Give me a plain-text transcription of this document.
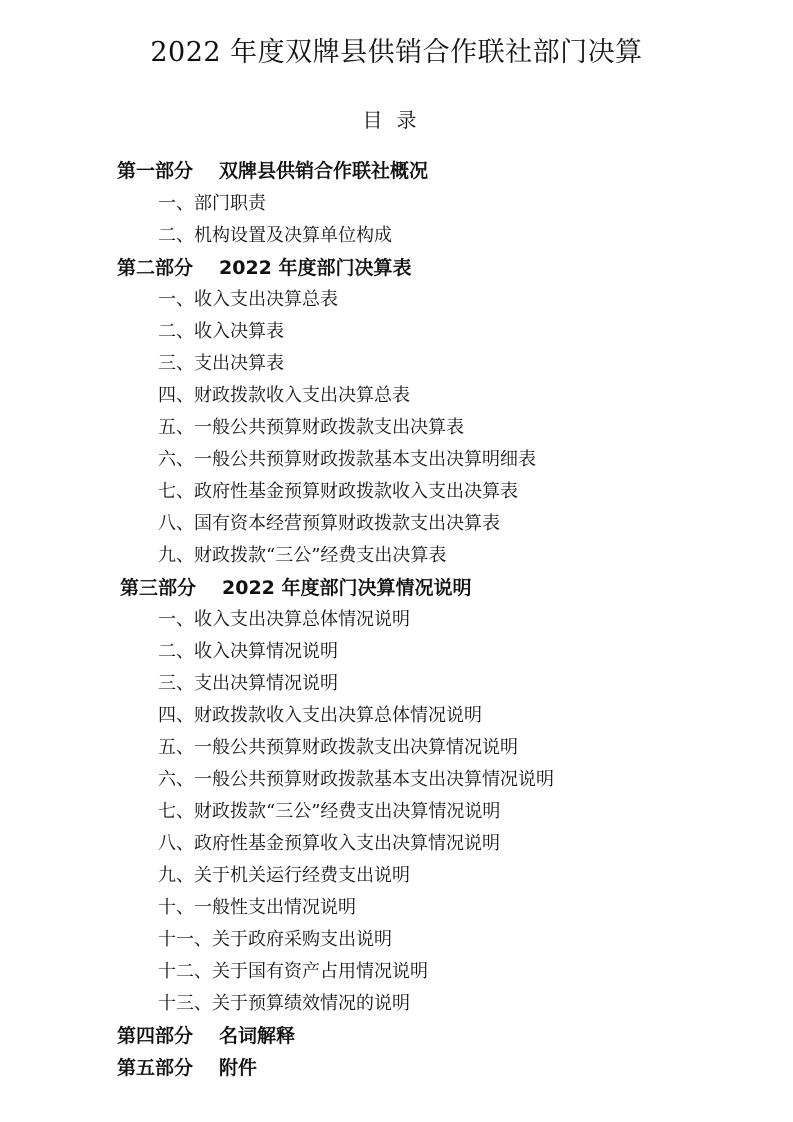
2022 年度双牌县供销合作联社部门决算
目录
第一部分 双牌县供销合作联社概况
一、部门职责
二、机构设置及决算单位构成
第二部分 2022 年度部门决算表
一、收入支出决算总表
二、收入决算表
三、支出决算表
四、财政拨款收入支出决算总表
五、一般公共预算财政拨款支出决算表
六、一般公共预算财政拨款基本支出决算明细表
七、政府性基金预算财政拨款收入支出决算表
八、国有资本经营预算财政拨款支出决算表
九、财政拨款“三公”经费支出决算表
第三部分 2022 年度部门决算情况说明
一、收入支出决算总体情况说明
二、收入决算情况说明
三、支出决算情况说明
四、财政拨款收入支出决算总体情况说明
五、一般公共预算财政拨款支出决算情况说明
六、一般公共预算财政拨款基本支出决算情况说明
七、财政拨款“三公”经费支出决算情况说明
八、政府性基金预算收入支出决算情况说明
九、关于机关运行经费支出说明
十、一般性支出情况说明
十一、关于政府采购支出说明
十二、关于国有资产占用情况说明
十三、关于预算绩效情况的说明
第四部分 名词解释
第五部分 附件
